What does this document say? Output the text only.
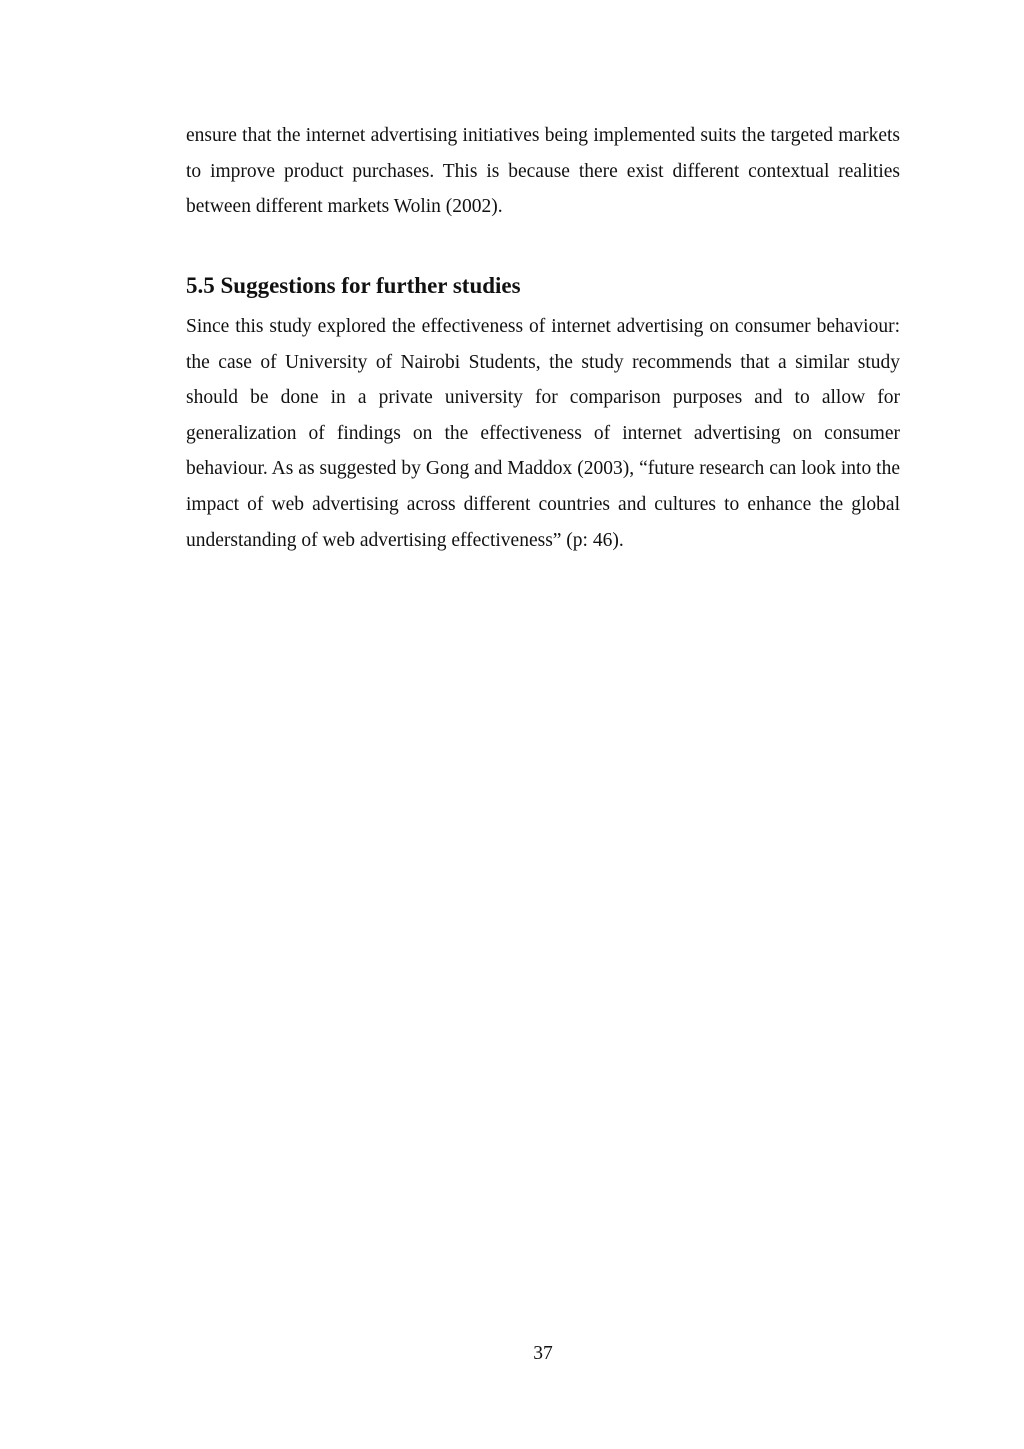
ensure that the internet advertising initiatives being implemented suits the targeted markets to improve product purchases. This is because there exist different contextual realities between different markets Wolin (2002).

5.5 Suggestions for further studies

Since this study explored the effectiveness of internet advertising on consumer behaviour: the case of University of Nairobi Students, the study recommends that a similar study should be done in a private university for comparison purposes and to allow for generalization of findings on the effectiveness of internet advertising on consumer behaviour. As as suggested by Gong and Maddox (2003), “future research can look into the impact of web advertising across different countries and cultures to enhance the global understanding of web advertising effectiveness” (p: 46).

37
